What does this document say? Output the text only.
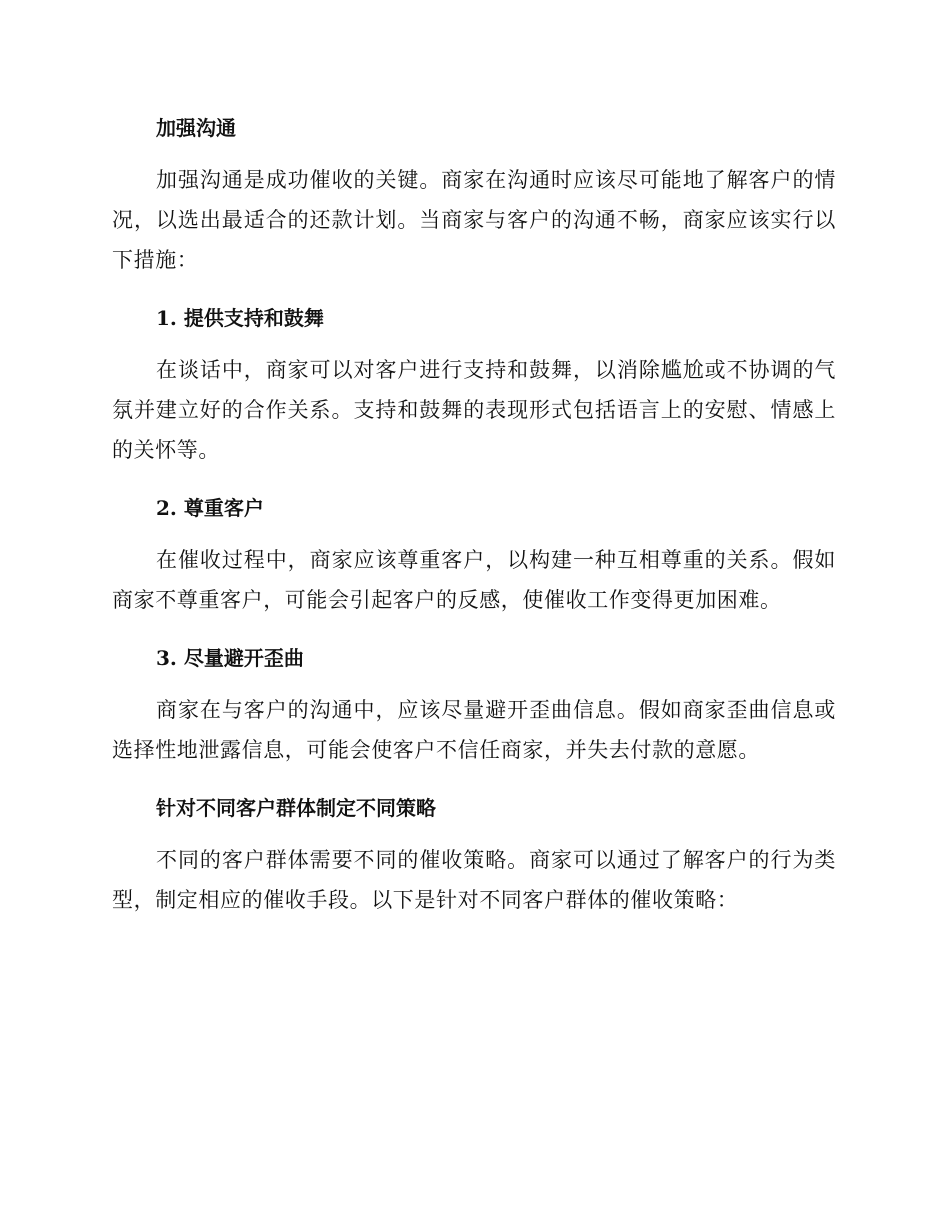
加强沟通

加强沟通是成功催收的关键。商家在沟通时应该尽可能地了解客户的情况，以选出最适合的还款计划。当商家与客户的沟通不畅，商家应该实行以下措施：

1. 提供支持和鼓舞

在谈话中，商家可以对客户进行支持和鼓舞，以消除尴尬或不协调的气氛并建立好的合作关系。支持和鼓舞的表现形式包括语言上的安慰、情感上的关怀等。

2. 尊重客户

在催收过程中，商家应该尊重客户，以构建一种互相尊重的关系。假如商家不尊重客户，可能会引起客户的反感，使催收工作变得更加困难。

3. 尽量避开歪曲

商家在与客户的沟通中，应该尽量避开歪曲信息。假如商家歪曲信息或选择性地泄露信息，可能会使客户不信任商家，并失去付款的意愿。

针对不同客户群体制定不同策略

不同的客户群体需要不同的催收策略。商家可以通过了解客户的行为类型，制定相应的催收手段。以下是针对不同客户群体的催收策略：
